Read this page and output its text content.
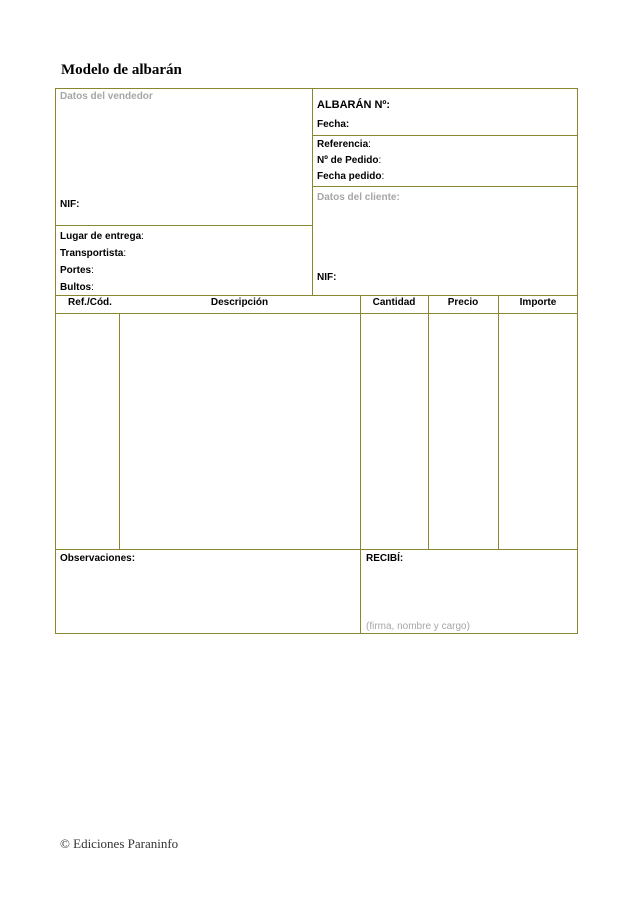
Modelo de albarán
Datos del vendedor
NIF:
Lugar de entrega:
Transportista:
Portes:
Bultos:
ALBARÁN Nº:
Fecha:
Referencia:
Nº de Pedido:
Fecha pedido:
Datos del cliente:
NIF:
Ref./Cód.	Descripción	Cantidad	Precio	Importe
Observaciones:	RECIBÍ:
(firma, nombre y cargo)
© Ediciones Paraninfo
